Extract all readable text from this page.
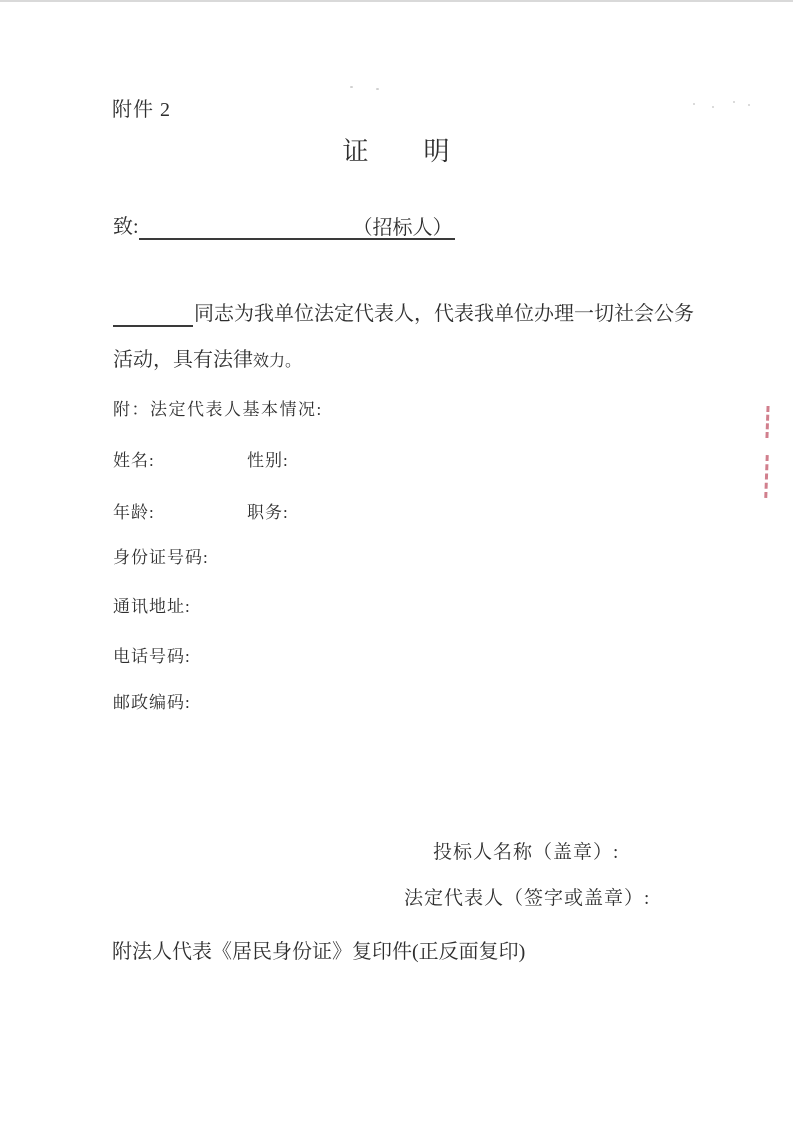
附件 2
证　　明
致:	（招标人）
同志为我单位法定代表人，代表我单位办理一切社会公务
活动，具有法律效力。
附：法定代表人基本情况:
姓名:	性别:
年龄:	职务:
身份证号码:
通讯地址:
电话号码:
邮政编码:
投标人名称（盖章）:
法定代表人（签字或盖章）:
附法人代表《居民身份证》复印件(正反面复印)
